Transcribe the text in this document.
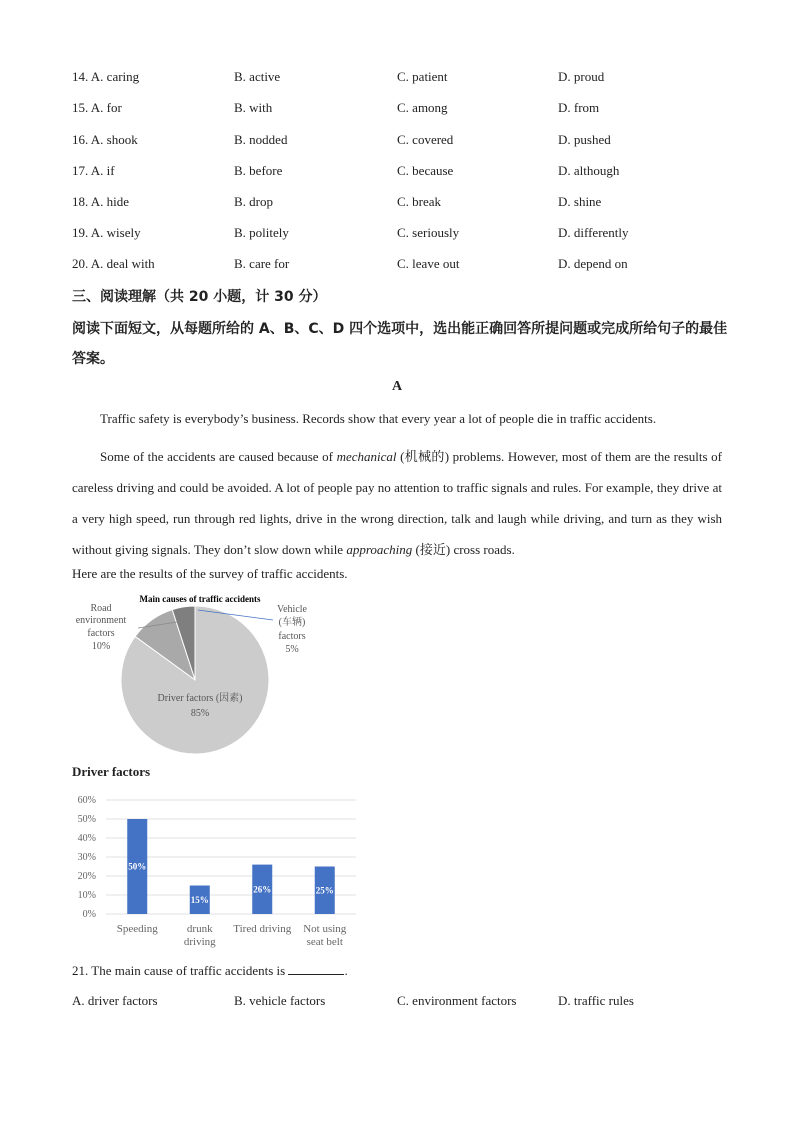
14. A. caring	B. active	C. patient	D. proud
15. A. for	B. with	C. among	D. from
16. A. shook	B. nodded	C. covered	D. pushed
17. A. if	B. before	C. because	D. although
18. A. hide	B. drop	C. break	D. shine
19. A. wisely	B. politely	C. seriously	D. differently
20. A. deal with	B. care for	C. leave out	D. depend on
三、阅读理解（共 20 小题，计 30 分）
阅读下面短文，从每题所给的 A、B、C、D 四个选项中，选出能正确回答所提问题或完成所给句子的最佳答案。
A
Traffic safety is everybody’s business. Records show that every year a lot of people die in traffic accidents.
Some of the accidents are caused because of mechanical (机械的) problems. However, most of them are the results of careless driving and could be avoided. A lot of people pay no attention to traffic signals and rules. For example, they drive at a very high speed, run through red lights, drive in the wrong direction, talk and laugh while driving, and turn as they wish without giving signals. They don’t slow down while approaching (接近) cross roads.
Here are the results of the survey of traffic accidents.
Main causes of traffic accidents
Road
environment
factors
10%
Vehicle
(车辆)
factors
5%
Driver factors (因素)
85%
Driver factors
0%
10%
20%
30%
40%
50%
60%
50%
Speeding
15%
drunk
driving
26%
Tired driving
25%
Not using
seat belt
21. The main cause of traffic accidents is	.
A. driver factors	B. vehicle factors	C. environment factors	D. traffic rules
